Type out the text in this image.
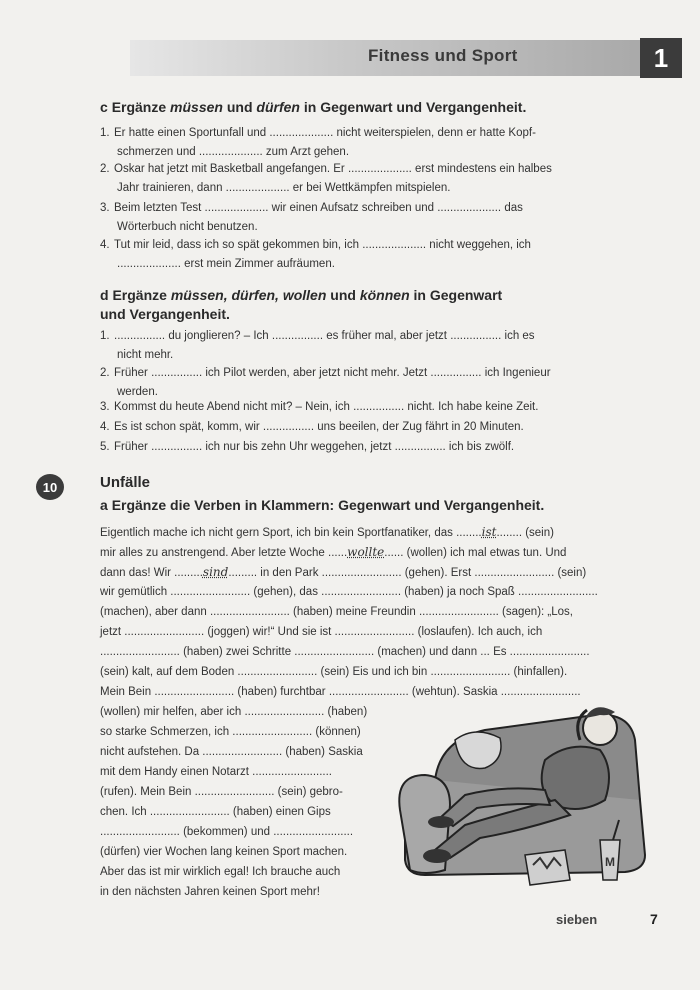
Fitness und Sport	1
c Ergänze müssen und dürfen in Gegenwart und Vergangenheit.
1. Er hatte einen Sportunfall und .................... nicht weiterspielen, denn er hatte Kopf-
schmerzen und .................... zum Arzt gehen.
2. Oskar hat jetzt mit Basketball angefangen. Er .................... erst mindestens ein halbes
Jahr trainieren, dann .................... er bei Wettkämpfen mitspielen.
3. Beim letzten Test .................... wir einen Aufsatz schreiben und .................... das
Wörterbuch nicht benutzen.
4. Tut mir leid, dass ich so spät gekommen bin, ich .................... nicht weggehen, ich
.................... erst mein Zimmer aufräumen.
d Ergänze müssen, dürfen, wollen und können in Gegenwart
und Vergangenheit.
1. ................ du jonglieren? – Ich ................ es früher mal, aber jetzt ................ ich es
nicht mehr.
2. Früher ................ ich Pilot werden, aber jetzt nicht mehr. Jetzt ................ ich Ingenieur
werden.
3. Kommst du heute Abend nicht mit? – Nein, ich ................ nicht. Ich habe keine Zeit.
4. Es ist schon spät, komm, wir ................ uns beeilen, der Zug fährt in 20 Minuten.
5. Früher ................ ich nur bis zehn Uhr weggehen, jetzt ................ ich bis zwölf.
10	Unfälle
a Ergänze die Verben in Klammern: Gegenwart und Vergangenheit.
Eigentlich mache ich nicht gern Sport, ich bin kein Sportfanatiker, das ........ist........ (sein)
mir alles zu anstrengend. Aber letzte Woche ......wollte...... (wollen) ich mal etwas tun. Und
dann das! Wir .........sind......... in den Park ......................... (gehen). Erst ......................... (sein)
wir gemütlich ......................... (gehen), das ......................... (haben) ja noch Spaß .........................
(machen), aber dann ......................... (haben) meine Freundin ......................... (sagen): „Los,
jetzt ......................... (joggen) wir!“ Und sie ist ......................... (loslaufen). Ich auch, ich
......................... (haben) zwei Schritte ......................... (machen) und dann ... Es .........................
(sein) kalt, auf dem Boden ......................... (sein) Eis und ich bin ......................... (hinfallen).
Mein Bein ......................... (haben) furchtbar ......................... (wehtun). Saskia .........................
(wollen) mir helfen, aber ich ......................... (haben)
so starke Schmerzen, ich ......................... (können)
nicht aufstehen. Da ......................... (haben) Saskia
mit dem Handy einen Notarzt .........................
(rufen). Mein Bein ......................... (sein) gebro-
chen. Ich ......................... (haben) einen Gips
......................... (bekommen) und .........................
(dürfen) vier Wochen lang keinen Sport machen.
Aber das ist mir wirklich egal! Ich brauche auch
in den nächsten Jahren keinen Sport mehr!
M
sieben	7
